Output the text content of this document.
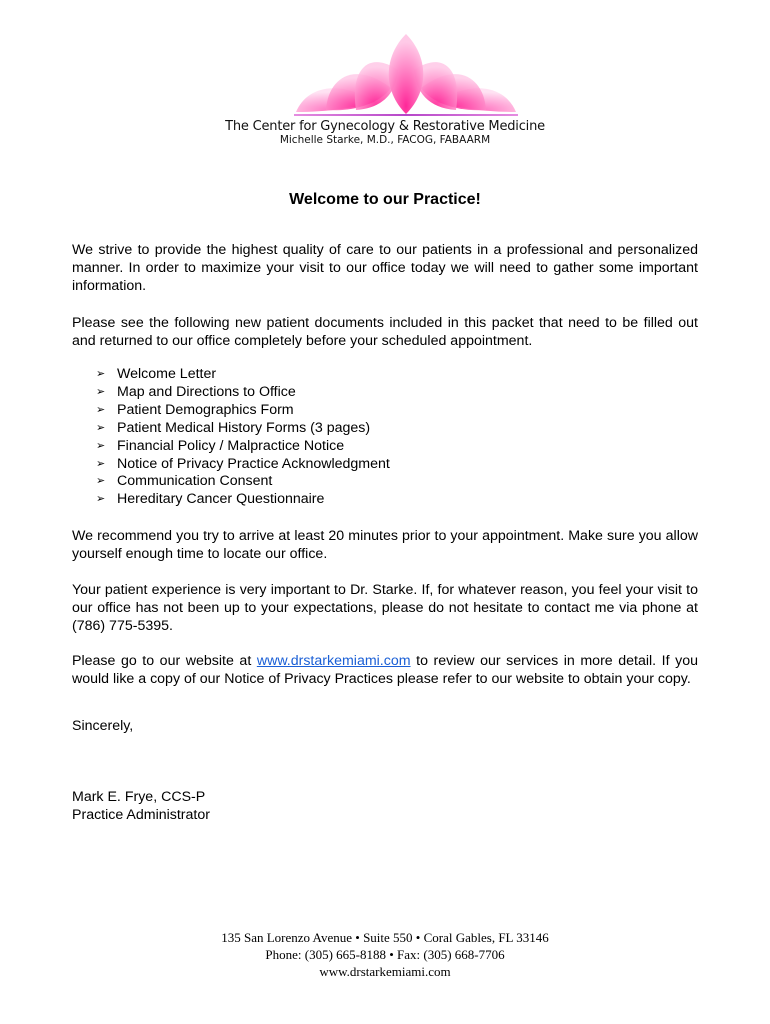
The Center for Gynecology & Restorative Medicine
Michelle Starke, M.D., FACOG, FABAARM
Welcome to our Practice!
We strive to provide the highest quality of care to our patients in a professional and personalized manner. In order to maximize your visit to our office today we will need to gather some important information.
Please see the following new patient documents included in this packet that need to be filled out and returned to our office completely before your scheduled appointment.
➢ Welcome Letter
➢ Map and Directions to Office
➢ Patient Demographics Form
➢ Patient Medical History Forms (3 pages)
➢ Financial Policy / Malpractice Notice
➢ Notice of Privacy Practice Acknowledgment
➢ Communication Consent
➢ Hereditary Cancer Questionnaire
We recommend you try to arrive at least 20 minutes prior to your appointment. Make sure you allow yourself enough time to locate our office.
Your patient experience is very important to Dr. Starke. If, for whatever reason, you feel your visit to our office has not been up to your expectations, please do not hesitate to contact me via phone at (786) 775-5395.
Please go to our website at www.drstarkemiami.com to review our services in more detail. If you would like a copy of our Notice of Privacy Practices please refer to our website to obtain your copy.
Sincerely,
Mark E. Frye, CCS-P
Practice Administrator
135 San Lorenzo Avenue • Suite 550 • Coral Gables, FL 33146
Phone: (305) 665-8188 • Fax: (305) 668-7706
www.drstarkemiami.com
